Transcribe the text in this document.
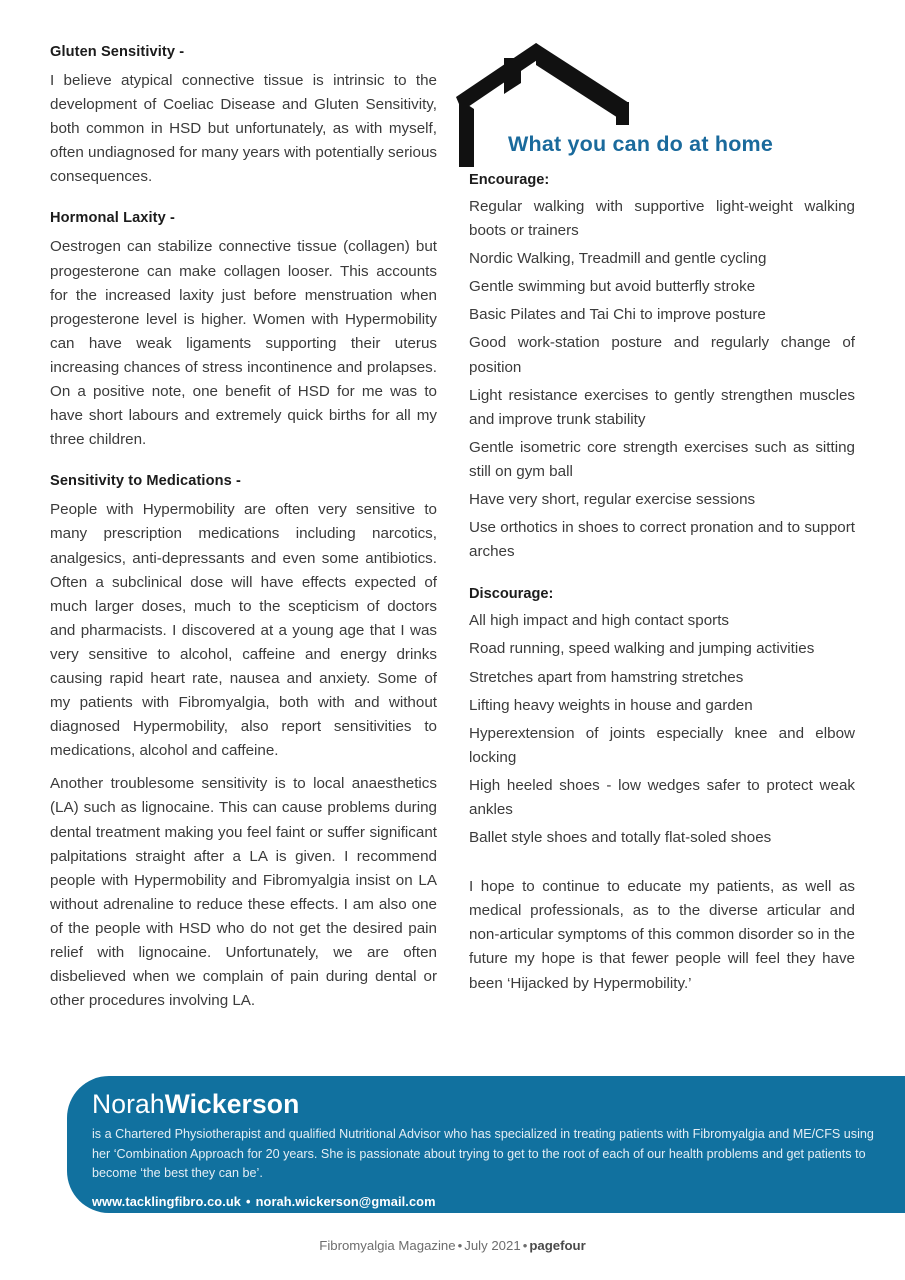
Gluten Sensitivity -

I believe atypical connective tissue is intrinsic to the development of Coeliac Disease and Gluten Sensitivity, both common in HSD but unfortunately, as with myself, often undiagnosed for many years with potentially serious consequences.

Hormonal Laxity -

Oestrogen can stabilize connective tissue (collagen) but progesterone can make collagen looser. This accounts for the increased laxity just before menstruation when progesterone level is higher. Women with Hypermobility can have weak ligaments supporting their uterus increasing chances of stress incontinence and prolapses. On a positive note, one benefit of HSD for me was to have short labours and extremely quick births for all my three children.

Sensitivity to Medications -

People with Hypermobility are often very sensitive to many prescription medications including narcotics, analgesics, anti-depressants and even some antibiotics. Often a subclinical dose will have effects expected of much larger doses, much to the scepticism of doctors and pharmacists. I discovered at a young age that I was very sensitive to alcohol, caffeine and energy drinks causing rapid heart rate, nausea and anxiety. Some of my patients with Fibromyalgia, both with and without diagnosed Hypermobility, also report sensitivities to medications, alcohol and caffeine.

Another troublesome sensitivity is to local anaesthetics (LA) such as lignocaine. This can cause problems during dental treatment making you feel faint or suffer significant palpitations straight after a LA is given. I recommend people with Hypermobility and Fibromyalgia insist on LA without adrenaline to reduce these effects. I am also one of the people with HSD who do not get the desired pain relief with lignocaine. Unfortunately, we are often disbelieved when we complain of pain during dental or other procedures involving LA.

What you can do at home
Encourage:
Regular walking with supportive light-weight walking boots or trainers
Nordic Walking, Treadmill and gentle cycling
Gentle swimming but avoid butterfly stroke
Basic Pilates and Tai Chi to improve posture
Good work-station posture and regularly change of position
Light resistance exercises to gently strengthen muscles and improve trunk stability
Gentle isometric core strength exercises such as sitting still on gym ball
Have very short, regular exercise sessions
Use orthotics in shoes to correct pronation and to support arches
Discourage:
All high impact and high contact sports
Road running, speed walking and jumping activities
Stretches apart from hamstring stretches
Lifting heavy weights in house and garden
Hyperextension of joints especially knee and elbow locking
High heeled shoes - low wedges safer to protect weak ankles
Ballet style shoes and totally flat-soled shoes

I hope to continue to educate my patients, as well as medical professionals, as to the diverse articular and non-articular symptoms of this common disorder so in the future my hope is that fewer people will feel they have been ‘Hijacked by Hypermobility.’

NorahWickerson

is a Chartered Physiotherapist and qualified Nutritional Advisor who has specialized in treating patients with Fibromyalgia and ME/CFS using her ‘Combination Approach for 20 years. She is passionate about trying to get to the root of each of our health problems and get patients to become ‘the best they can be’.

www.tacklingfibro.co.uk • norah.wickerson@gmail.com
Fibromyalgia Magazine • July 2021 • pagefour
